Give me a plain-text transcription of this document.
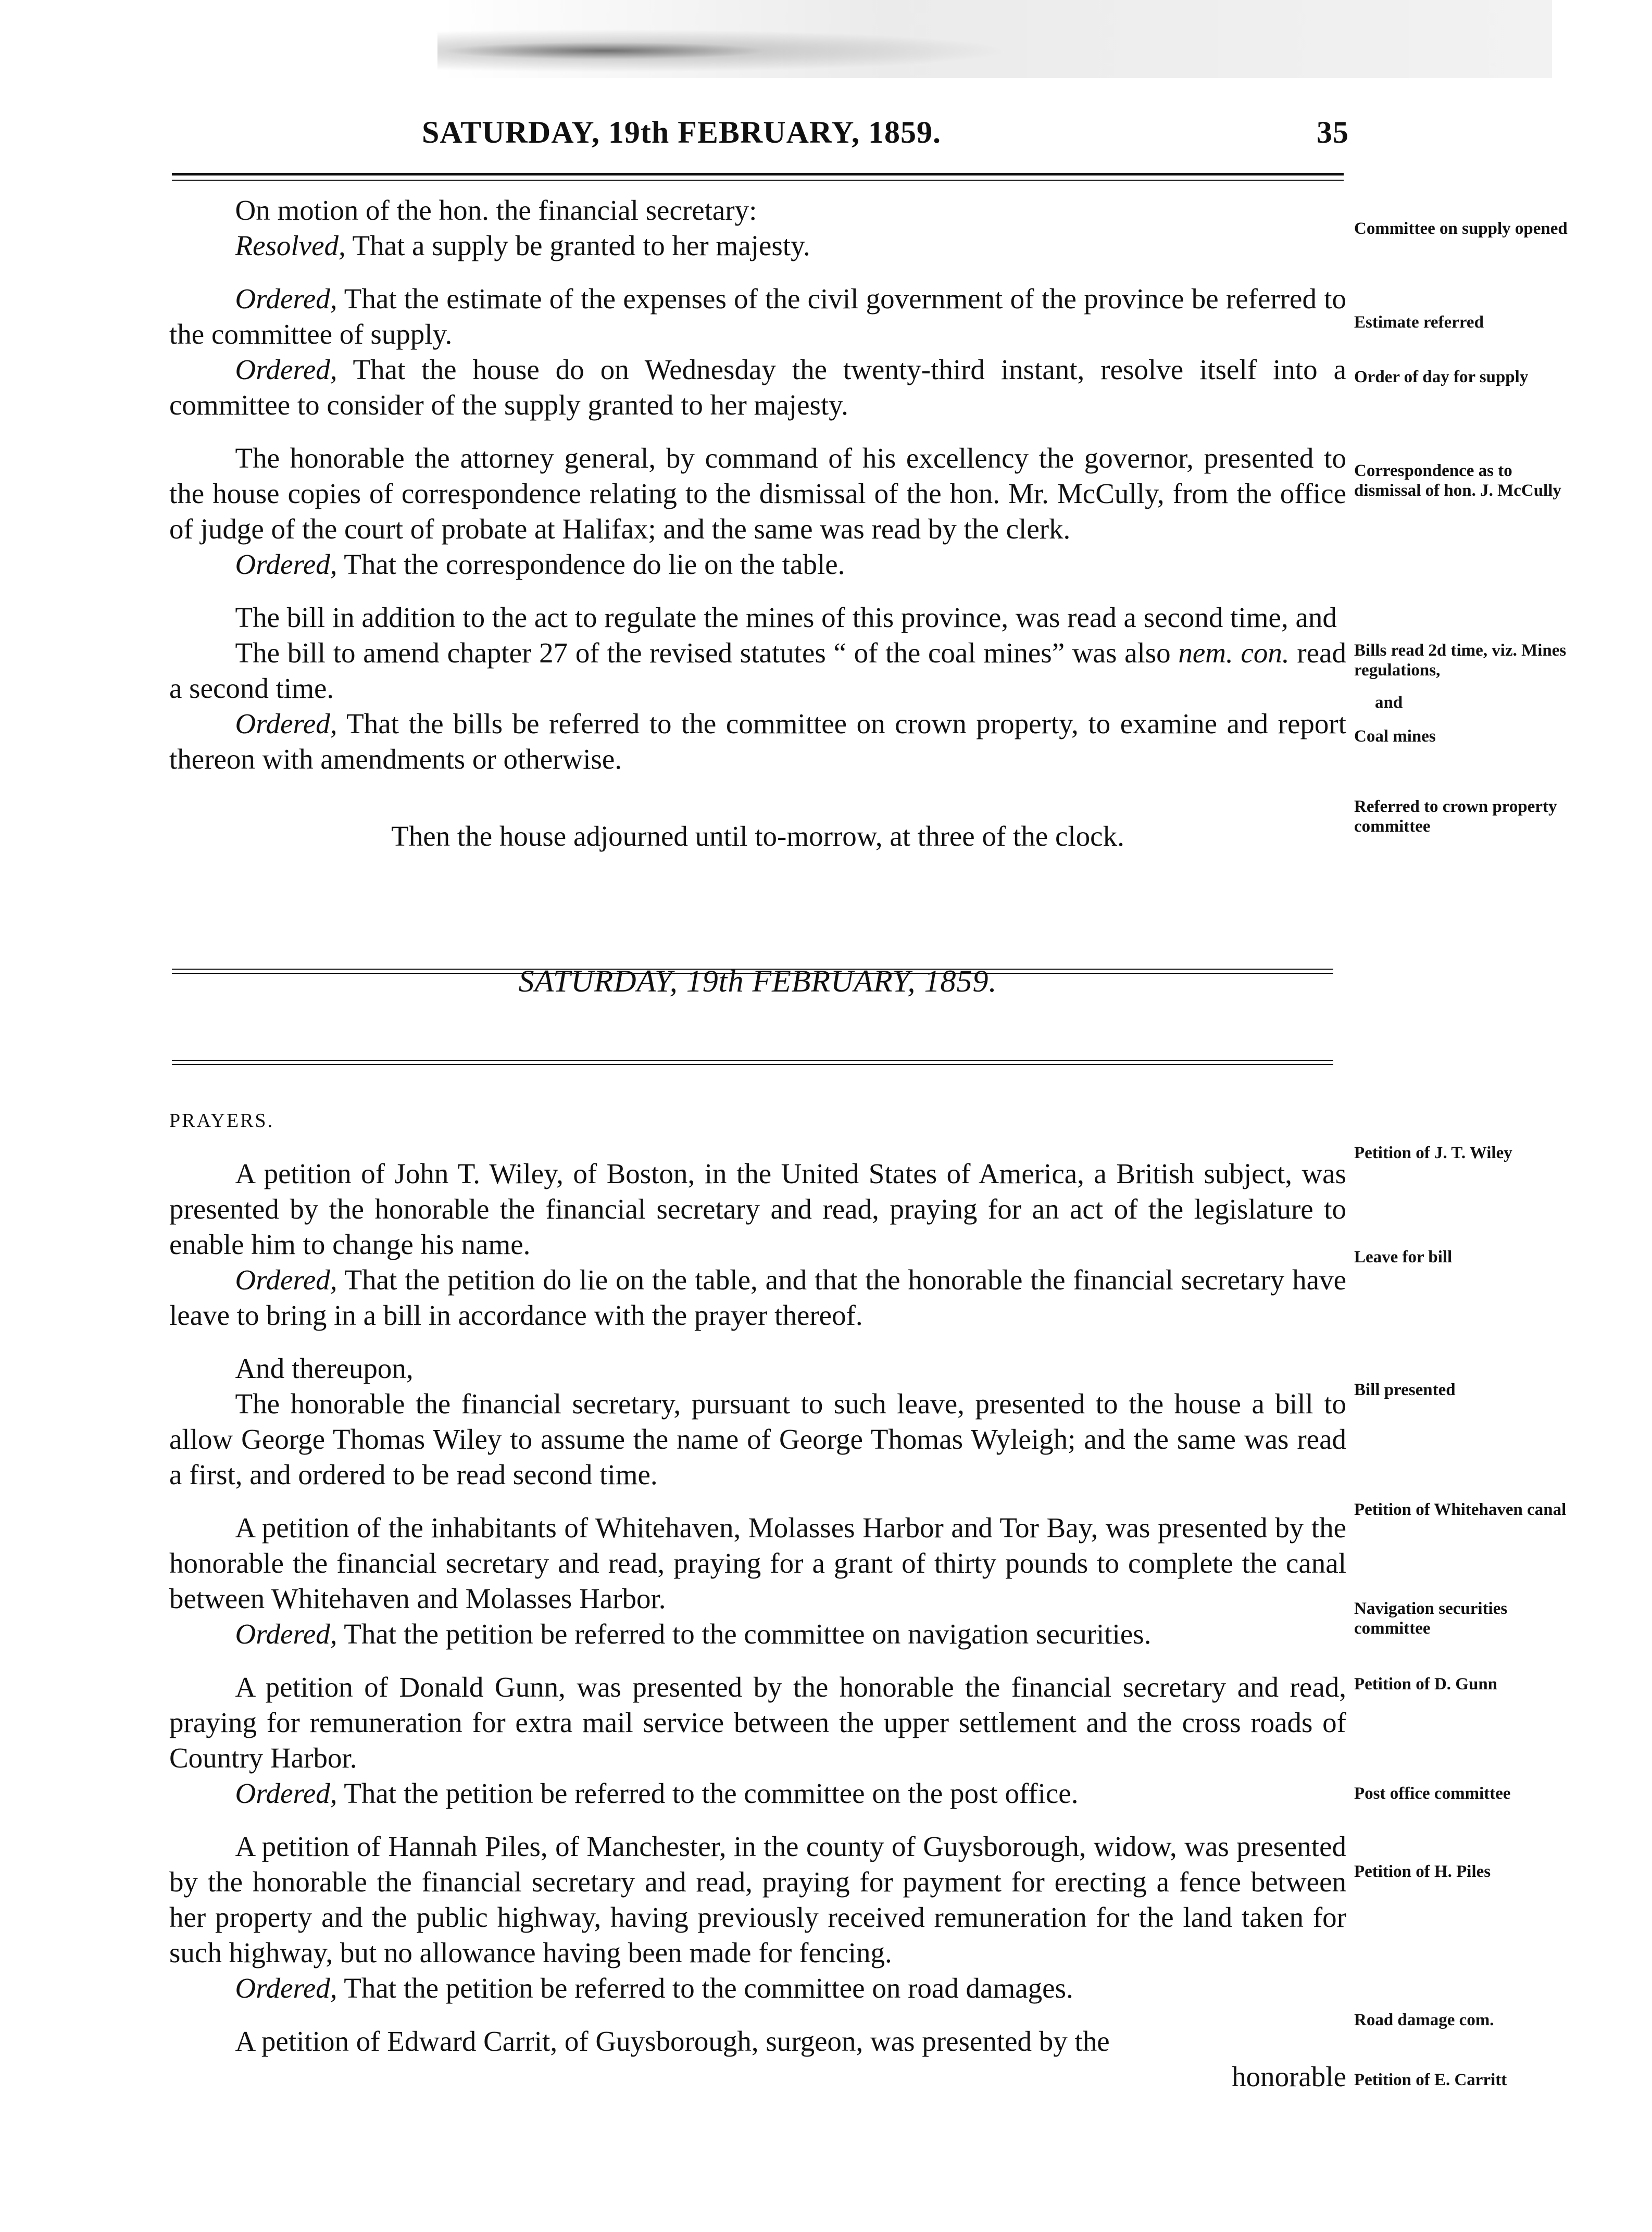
SATURDAY, 19th FEBRUARY, 1859.	35

On motion of the hon. the financial secretary:

Resolved, That a supply be granted to her majesty.

Ordered, That the estimate of the expenses of the civil government of the province be referred to the committee of supply.

Ordered, That the house do on Wednesday the twenty-third instant, resolve itself into a committee to consider of the supply granted to her majesty.

The honorable the attorney general, by command of his excellency the governor, presented to the house copies of correspondence relating to the dismissal of the hon. Mr. McCully, from the office of judge of the court of probate at Halifax; and the same was read by the clerk.

Ordered, That the correspondence do lie on the table.

The bill in addition to the act to regulate the mines of this province, was read a second time, and

The bill to amend chapter 27 of the revised statutes “ of the coal mines” was also nem. con. read a second time.

Ordered, That the bills be referred to the committee on crown property, to examine and report thereon with amendments or otherwise.

Then the house adjourned until to-morrow, at three of the clock.

SATURDAY, 19th FEBRUARY, 1859.

PRAYERS.

A petition of John T. Wiley, of Boston, in the United States of America, a British subject, was presented by the honorable the financial secretary and read, praying for an act of the legislature to enable him to change his name.

Ordered, That the petition do lie on the table, and that the honorable the financial secretary have leave to bring in a bill in accordance with the prayer thereof.

And thereupon,

The honorable the financial secretary, pursuant to such leave, presented to the house a bill to allow George Thomas Wiley to assume the name of George Thomas Wyleigh; and the same was read a first, and ordered to be read second time.

A petition of the inhabitants of Whitehaven, Molasses Harbor and Tor Bay, was presented by the honorable the financial secretary and read, praying for a grant of thirty pounds to complete the canal between Whitehaven and Molasses Harbor.

Ordered, That the petition be referred to the committee on navigation securities.

A petition of Donald Gunn, was presented by the honorable the financial secretary and read, praying for remuneration for extra mail service between the upper settlement and the cross roads of Country Harbor.

Ordered, That the petition be referred to the committee on the post office.

A petition of Hannah Piles, of Manchester, in the county of Guysborough, widow, was presented by the honorable the financial secretary and read, praying for payment for erecting a fence between her property and the public highway, having previously received remuneration for the land taken for such highway, but no allowance having been made for fencing.

Ordered, That the petition be referred to the committee on road damages.

A petition of Edward Carrit, of Guysborough, surgeon, was presented by the

honorable

Committee on supply opened
Estimate referred
Order of day for supply
Correspondence as to dismissal of hon. J. McCully
Bills read 2d time, viz. Mines regulations,
and
Coal mines
Referred to crown property committee
Petition of J. T. Wiley
Leave for bill
Bill presented
Petition of Whitehaven canal
Navigation securities committee
Petition of D. Gunn
Post office committee
Petition of H. Piles
Road damage com.
Petition of E. Carritt
